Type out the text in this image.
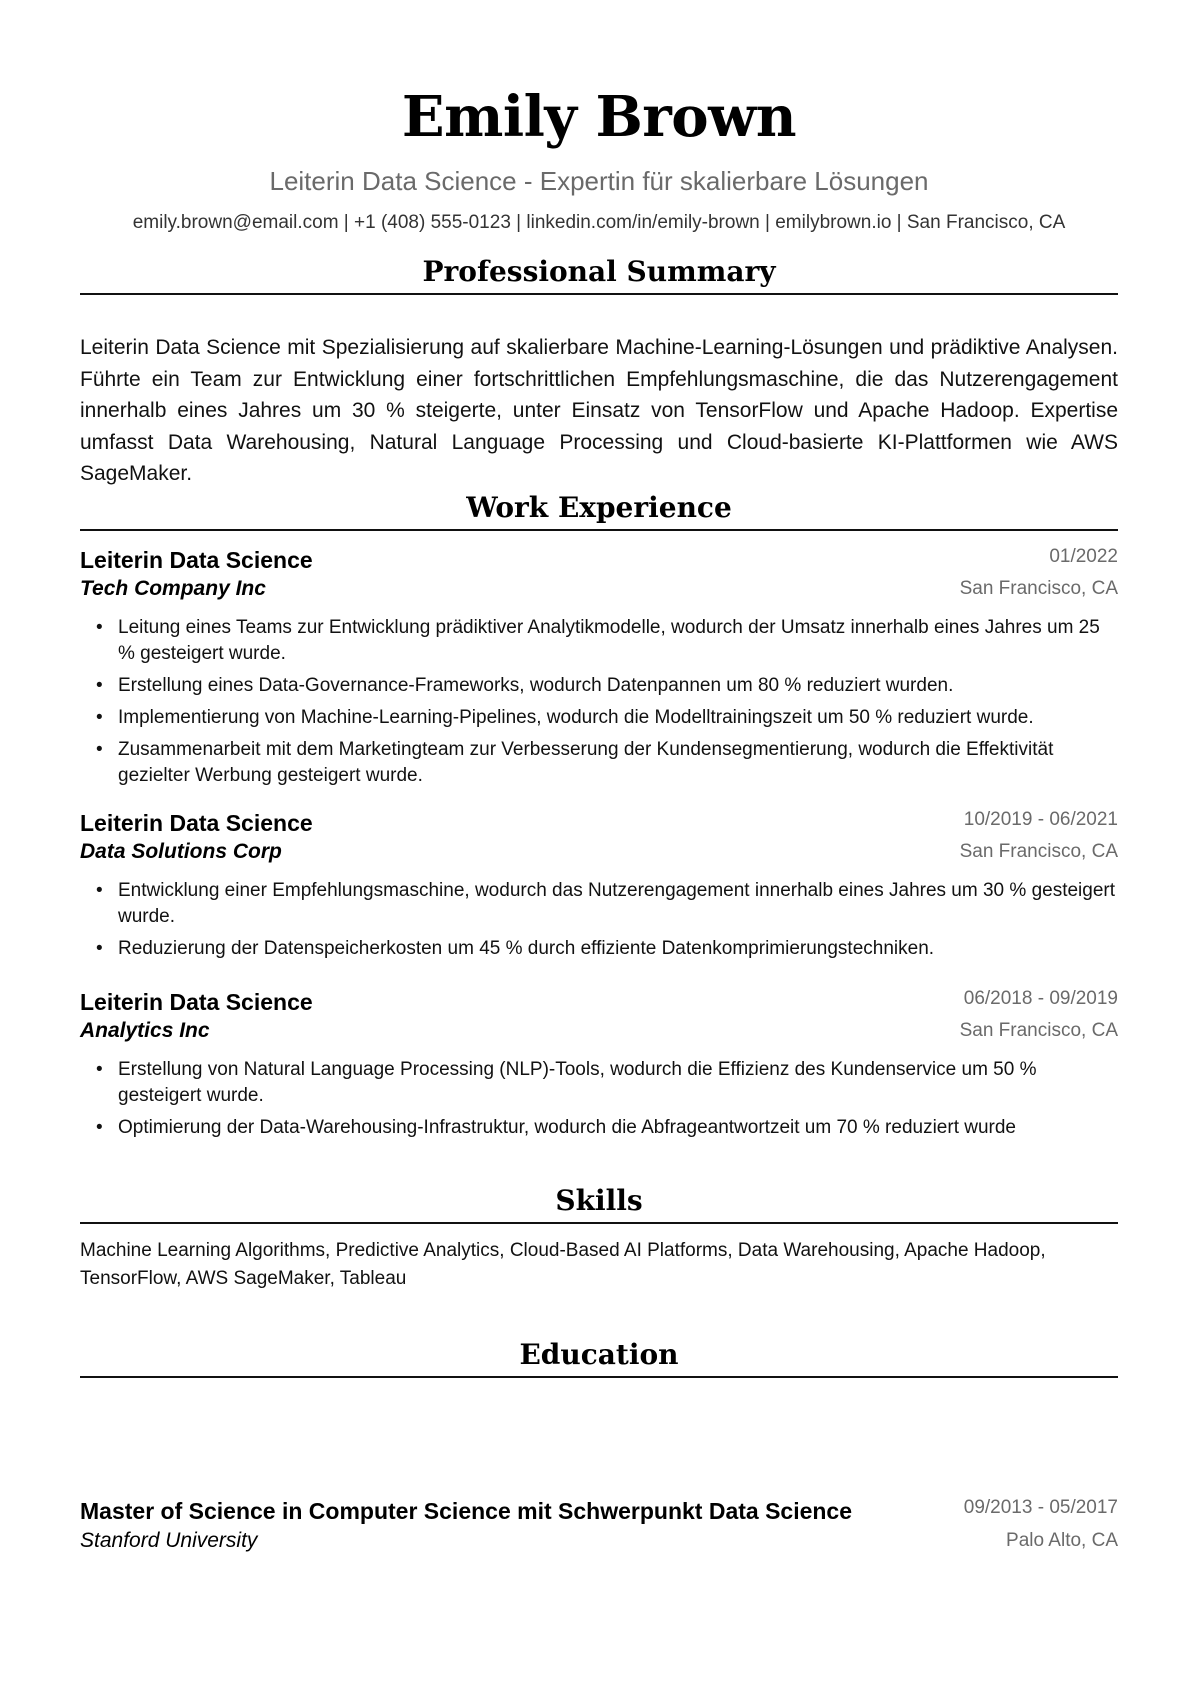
Emily Brown
Leiterin Data Science - Expertin für skalierbare Lösungen
emily.brown@email.com | +1 (408) 555-0123 | linkedin.com/in/emily-brown | emilybrown.io | San Francisco, CA
Professional Summary
Leiterin Data Science mit Spezialisierung auf skalierbare Machine-Learning-Lösungen und prädiktive Analysen. Führte ein Team zur Entwicklung einer fortschrittlichen Empfehlungsmaschine, die das Nutzerengagement innerhalb eines Jahres um 30 % steigerte, unter Einsatz von TensorFlow und Apache Hadoop. Expertise umfasst Data Warehousing, Natural Language Processing und Cloud-basierte KI-Plattformen wie AWS SageMaker.
Work Experience
Leiterin Data Science	01/2022
Tech Company Inc	San Francisco, CA
• Leitung eines Teams zur Entwicklung prädiktiver Analytikmodelle, wodurch der Umsatz innerhalb eines Jahres um 25 % gesteigert wurde.
• Erstellung eines Data-Governance-Frameworks, wodurch Datenpannen um 80 % reduziert wurden.
• Implementierung von Machine-Learning-Pipelines, wodurch die Modelltrainingszeit um 50 % reduziert wurde.
• Zusammenarbeit mit dem Marketingteam zur Verbesserung der Kundensegmentierung, wodurch die Effektivität gezielter Werbung gesteigert wurde.
Leiterin Data Science	10/2019 - 06/2021
Data Solutions Corp	San Francisco, CA
• Entwicklung einer Empfehlungsmaschine, wodurch das Nutzerengagement innerhalb eines Jahres um 30 % gesteigert wurde.
• Reduzierung der Datenspeicherkosten um 45 % durch effiziente Datenkomprimierungstechniken.
Leiterin Data Science	06/2018 - 09/2019
Analytics Inc	San Francisco, CA
• Erstellung von Natural Language Processing (NLP)-Tools, wodurch die Effizienz des Kundenservice um 50 % gesteigert wurde.
• Optimierung der Data-Warehousing-Infrastruktur, wodurch die Abfrageantwortzeit um 70 % reduziert wurde
Skills
Machine Learning Algorithms, Predictive Analytics, Cloud-Based AI Platforms, Data Warehousing, Apache Hadoop, TensorFlow, AWS SageMaker, Tableau
Education
Master of Science in Computer Science mit Schwerpunkt Data Science	09/2013 - 05/2017
Stanford University	Palo Alto, CA
